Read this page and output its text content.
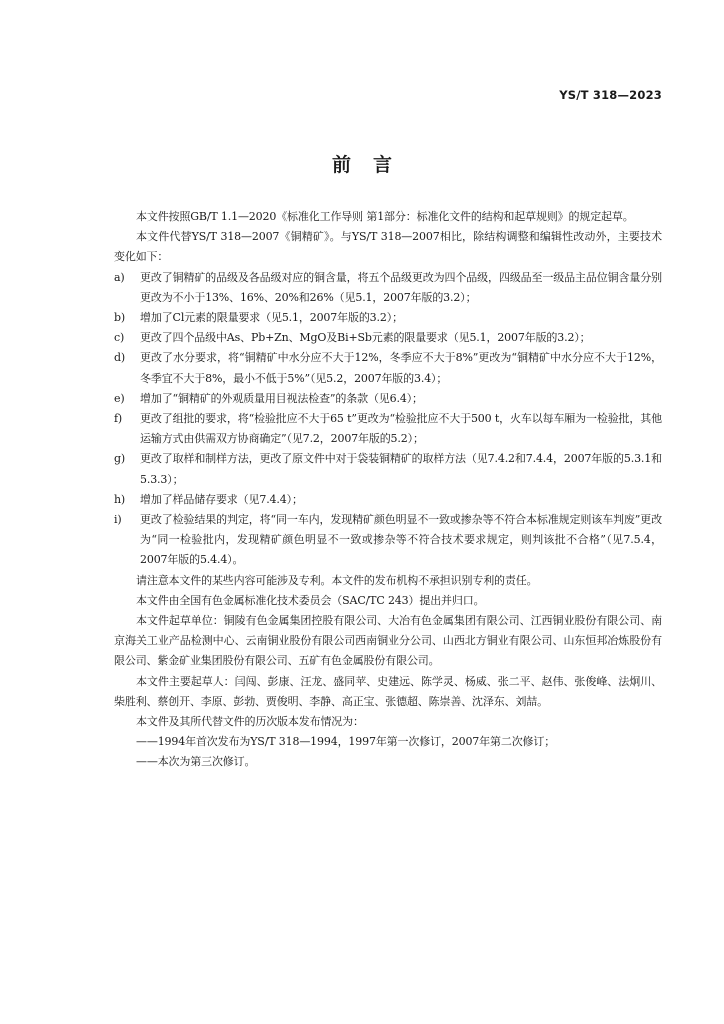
YS/T 318—2023
前言

本文件按照GB/T 1.1—2020《标准化工作导则 第1部分：标准化文件的结构和起草规则》的规定起草。

本文件代替YS/T 318—2007《铜精矿》。与YS/T 318—2007相比，除结构调整和编辑性改动外，主要技术变化如下：

a)	更改了铜精矿的品级及各品级对应的铜含量，将五个品级更改为四个品级，四级品至一级品主品位铜含量分别更改为不小于13%、16%、20%和26%（见5.1，2007年版的3.2）；
b)	增加了Cl元素的限量要求（见5.1，2007年版的3.2）；
c)	更改了四个品级中As、Pb+Zn、MgO及Bi+Sb元素的限量要求（见5.1，2007年版的3.2）；
d)	更改了水分要求，将“铜精矿中水分应不大于12%，冬季应不大于8%”更改为“铜精矿中水分应不大于12%，冬季宜不大于8%，最小不低于5%”（见5.2，2007年版的3.4）；
e)	增加了“铜精矿的外观质量用目视法检查”的条款（见6.4）；
f)	更改了组批的要求，将“检验批应不大于65 t”更改为“检验批应不大于500 t，火车以每车厢为一检验批，其他运输方式由供需双方协商确定”（见7.2，2007年版的5.2）；
g)	更改了取样和制样方法，更改了原文件中对于袋装铜精矿的取样方法（见7.4.2和7.4.4，2007年版的5.3.1和5.3.3）；
h)	增加了样品储存要求（见7.4.4）；
i)	更改了检验结果的判定，将“同一车内，发现精矿颜色明显不一致或掺杂等不符合本标准规定则该车判废”更改为“同一检验批内，发现精矿颜色明显不一致或掺杂等不符合技术要求规定，则判该批不合格”（见7.5.4，2007年版的5.4.4）。

请注意本文件的某些内容可能涉及专利。本文件的发布机构不承担识别专利的责任。

本文件由全国有色金属标准化技术委员会（SAC/TC 243）提出并归口。

本文件起草单位：铜陵有色金属集团控股有限公司、大冶有色金属集团有限公司、江西铜业股份有限公司、南京海关工业产品检测中心、云南铜业股份有限公司西南铜业分公司、山西北方铜业有限公司、山东恒邦冶炼股份有限公司、紫金矿业集团股份有限公司、五矿有色金属股份有限公司。

本文件主要起草人：闫闯、彭康、汪龙、盛同苹、史建远、陈学灵、杨威、张二平、赵伟、张俊峰、法炯川、柴胜利、蔡创开、李原、彭勃、贾俊明、李静、高正宝、张德超、陈崇善、沈泽东、刘喆。

本文件及其所代替文件的历次版本发布情况为：

——1994年首次发布为YS/T 318—1994，1997年第一次修订，2007年第二次修订；

——本次为第三次修订。
